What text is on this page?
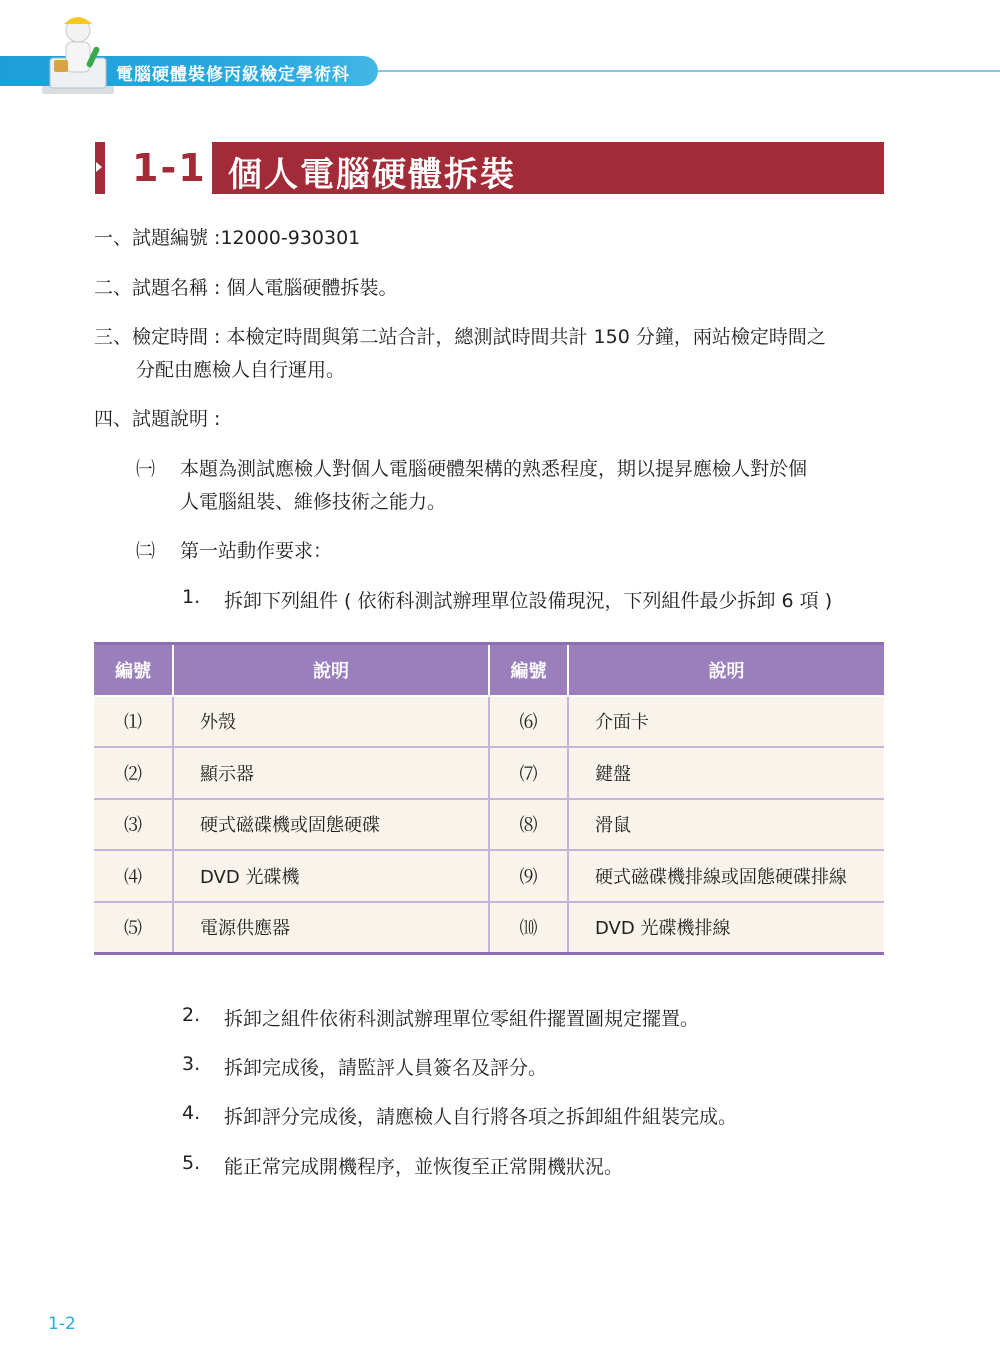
電腦硬體裝修丙級檢定學術科
1-1 個人電腦硬體拆裝
一、試題編號 :12000-930301
二、試題名稱 : 個人電腦硬體拆裝。
三、檢定時間 : 本檢定時間與第二站合計，總測試時間共計 150 分鐘，兩站檢定時間之
分配由應檢人自行運用。
四、試題說明 :
㈠ 本題為測試應檢人對個人電腦硬體架構的熟悉程度，期以提昇應檢人對於個
人電腦組裝、維修技術之能力。
㈡ 第一站動作要求：
1. 拆卸下列組件 ( 依術科測試辦理單位設備現況，下列組件最少拆卸 6 項 )
編號	說明	編號	說明
⑴	外殼	⑹	介面卡
⑵	顯示器	⑺	鍵盤
⑶	硬式磁碟機或固態硬碟	⑻	滑鼠
⑷	DVD 光碟機	⑼	硬式磁碟機排線或固態硬碟排線
⑸	電源供應器	⑽	DVD 光碟機排線
2. 拆卸之組件依術科測試辦理單位零組件擺置圖規定擺置。
3. 拆卸完成後，請監評人員簽名及評分。
4. 拆卸評分完成後，請應檢人自行將各項之拆卸組件組裝完成。
5. 能正常完成開機程序，並恢復至正常開機狀況。
1-2
